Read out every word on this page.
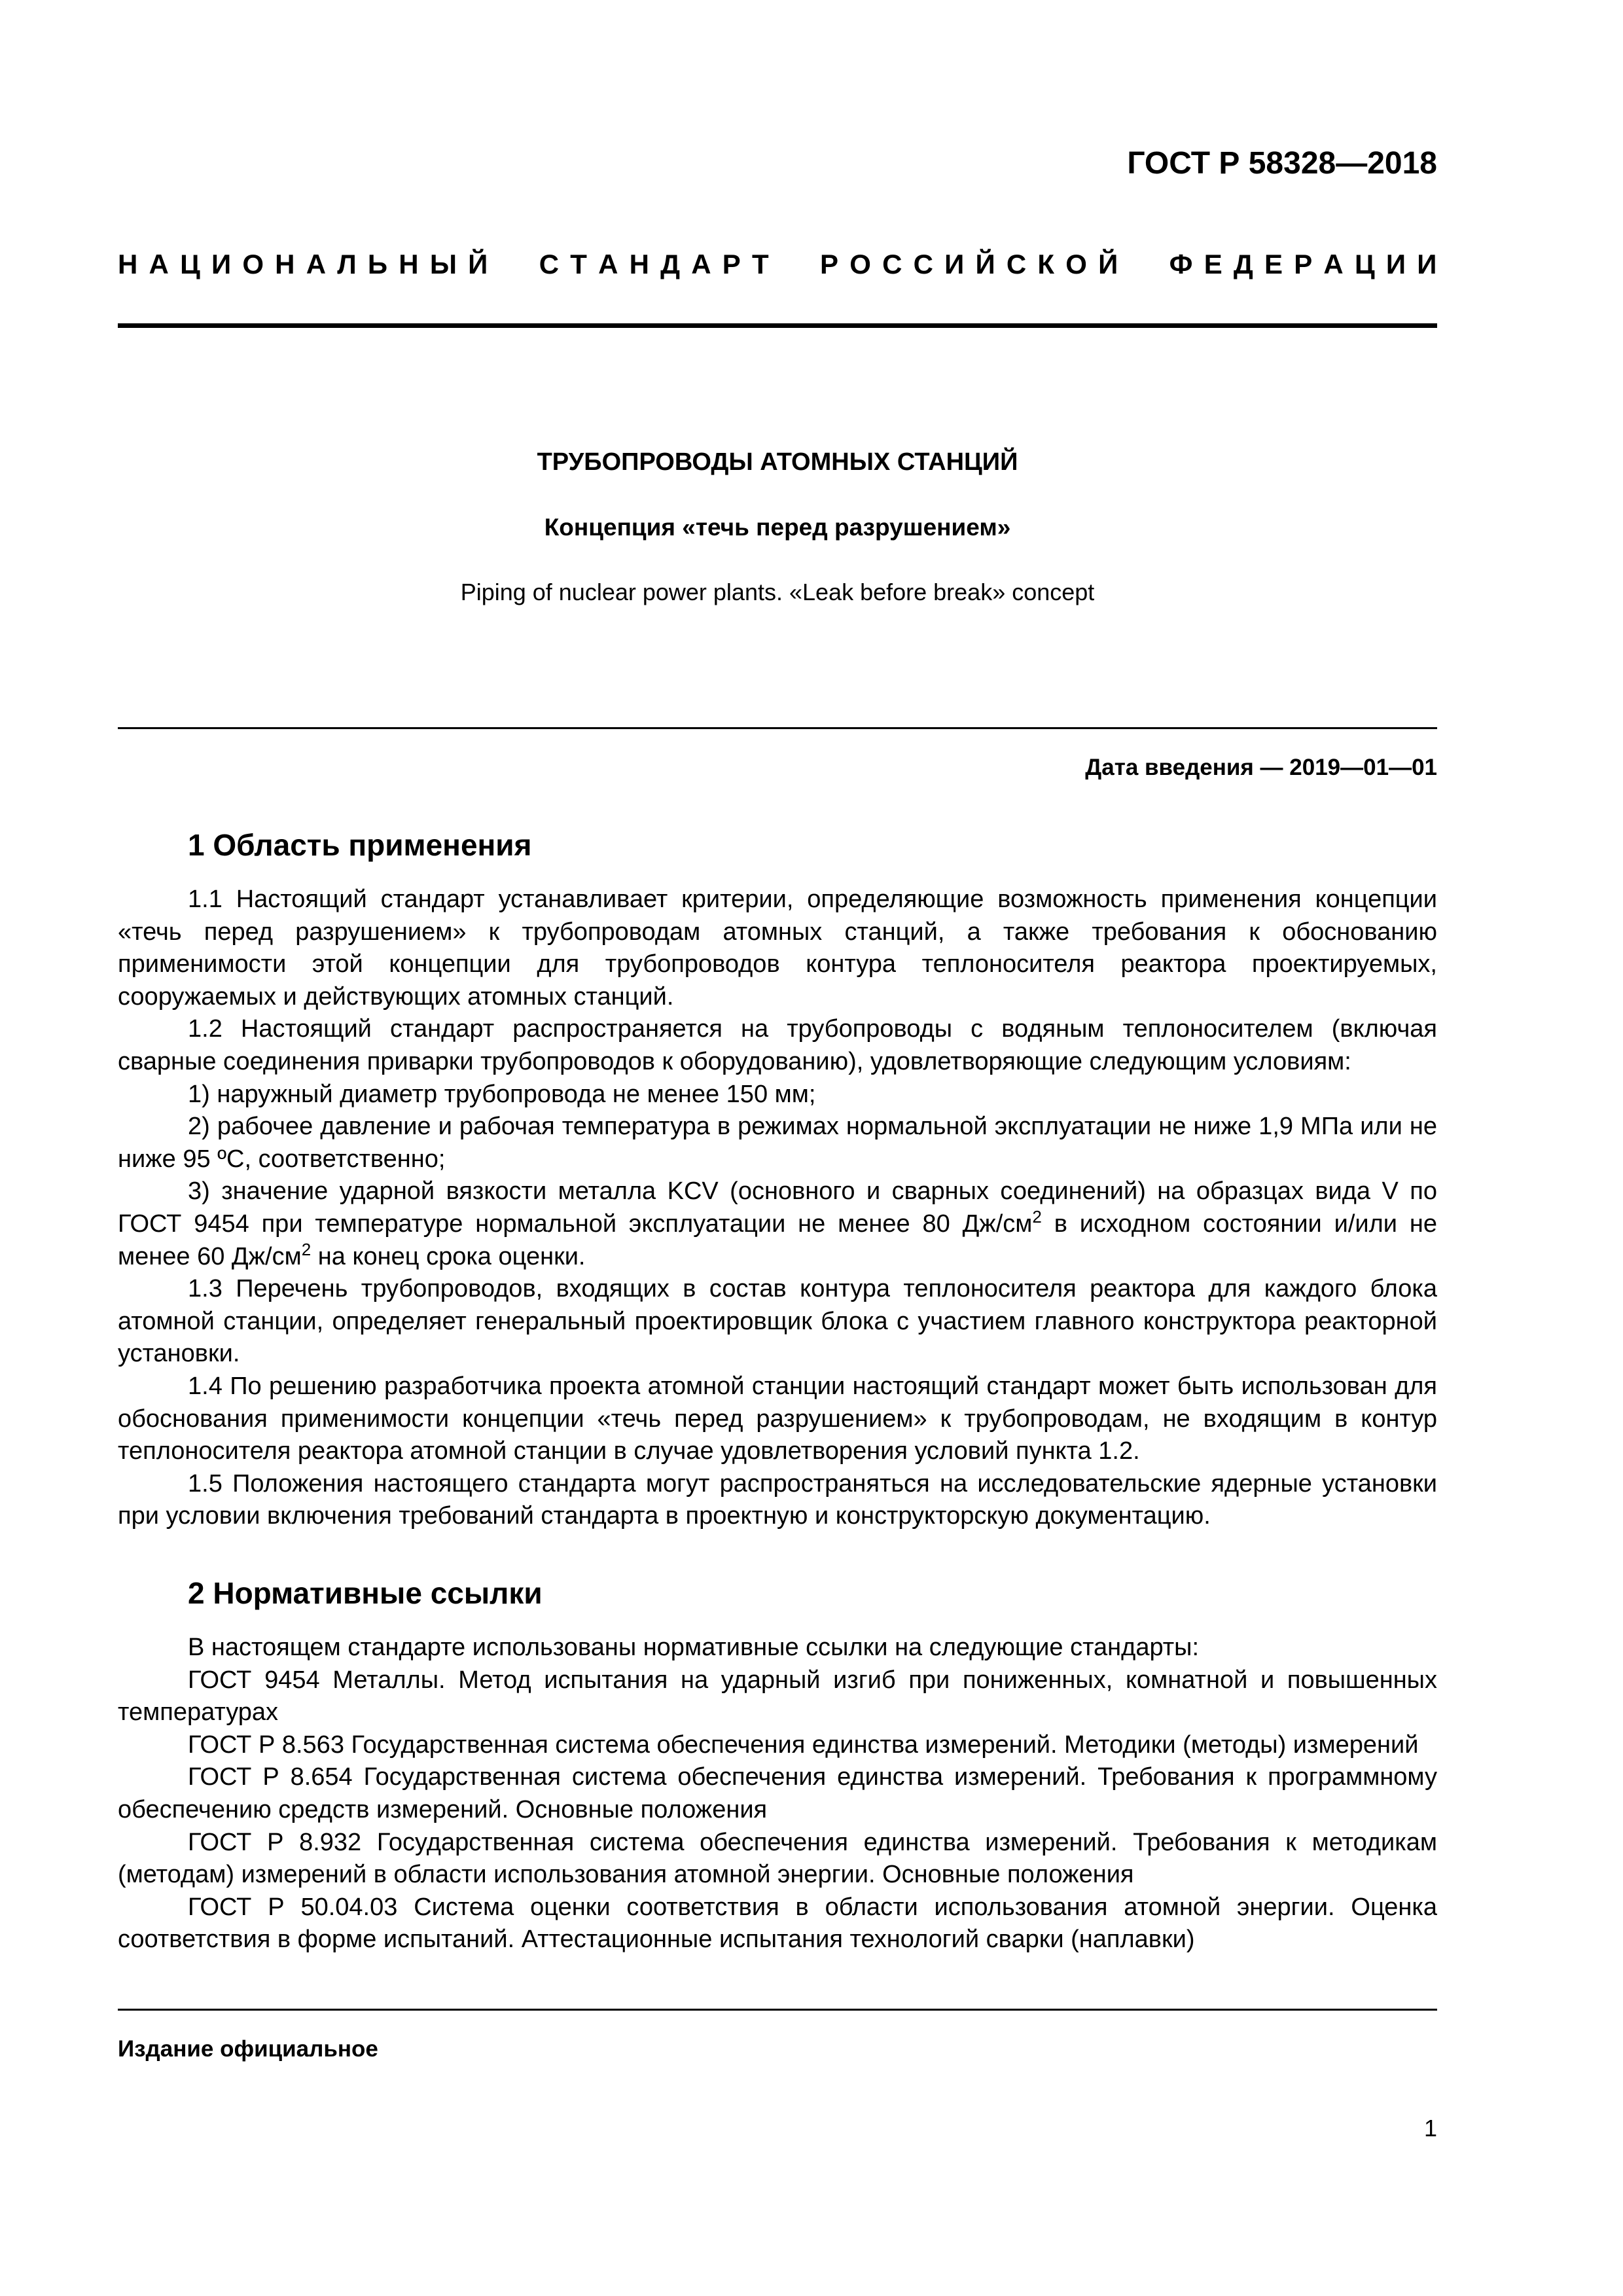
ГОСТ Р 58328—2018
Н А Ц И О Н А Л Ь Н Ы Й С Т А Н Д А Р Т Р О С С И Й С К О Й Ф Е Д Е Р А Ц И И
ТРУБОПРОВОДЫ АТОМНЫХ СТАНЦИЙ
Концепция «течь перед разрушением»
Piping of nuclear power plants. «Leak before break» concept
Дата введения — 2019—01—01
1 Область применения

1.1 Настоящий стандарт устанавливает критерии, определяющие возможность применения концепции «течь перед разрушением» к трубопроводам атомных станций, а также требования к обоснованию применимости этой концепции для трубопроводов контура теплоносителя реактора проектируемых, сооружаемых и действующих атомных станций.

1.2 Настоящий стандарт распространяется на трубопроводы с водяным теплоносителем (включая сварные соединения приварки трубопроводов к оборудованию), удовлетворяющие следующим условиям:

1) наружный диаметр трубопровода не менее 150 мм;

2) рабочее давление и рабочая температура в режимах нормальной эксплуатации не ниже 1,9 МПа или не ниже 95 ºС, соответственно;

3) значение ударной вязкости металла KCV (основного и сварных соединений) на образцах вида V по ГОСТ 9454 при температуре нормальной эксплуатации не менее 80 $Дж/см^2$ в исходном состоянии и/или не менее 60 $Дж/см^2$ на конец срока оценки.

1.3 Перечень трубопроводов, входящих в состав контура теплоносителя реактора для каждого блока атомной станции, определяет генеральный проектировщик блока с участием главного конструктора реакторной установки.

1.4 По решению разработчика проекта атомной станции настоящий стандарт может быть использован для обоснования применимости концепции «течь перед разрушением» к трубопроводам, не входящим в контур теплоносителя реактора атомной станции в случае удовлетворения условий пункта 1.2.

1.5 Положения настоящего стандарта могут распространяться на исследовательские ядерные установки при условии включения требований стандарта в проектную и конструкторскую документацию.

2 Нормативные ссылки

В настоящем стандарте использованы нормативные ссылки на следующие стандарты:

ГОСТ 9454 Металлы. Метод испытания на ударный изгиб при пониженных, комнатной и повышенных температурах

ГОСТ Р 8.563 Государственная система обеспечения единства измерений. Методики (методы) измерений

ГОСТ Р 8.654 Государственная система обеспечения единства измерений. Требования к программному обеспечению средств измерений. Основные положения

ГОСТ Р 8.932 Государственная система обеспечения единства измерений. Требования к методикам (методам) измерений в области использования атомной энергии. Основные положения

ГОСТ Р 50.04.03 Система оценки соответствия в области использования атомной энергии. Оценка соответствия в форме испытаний. Аттестационные испытания технологий сварки (наплавки)

Издание официальное
1
